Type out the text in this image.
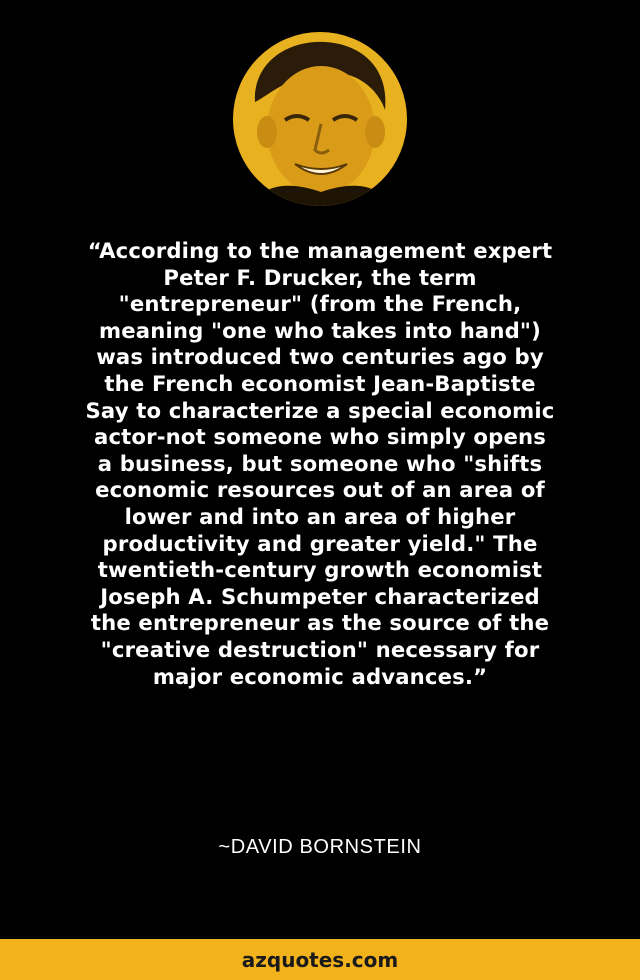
“According to the management expert
Peter F. Drucker, the term
"entrepreneur" (from the French,
meaning "one who takes into hand")
was introduced two centuries ago by
the French economist Jean-Baptiste
Say to characterize a special economic
actor-not someone who simply opens
a business, but someone who "shifts
economic resources out of an area of
lower and into an area of higher
productivity and greater yield." The
twentieth-century growth economist
Joseph A. Schumpeter characterized
the entrepreneur as the source of the
"creative destruction" necessary for
major economic advances.”

~DAVID BORNSTEIN
azquotes.com
